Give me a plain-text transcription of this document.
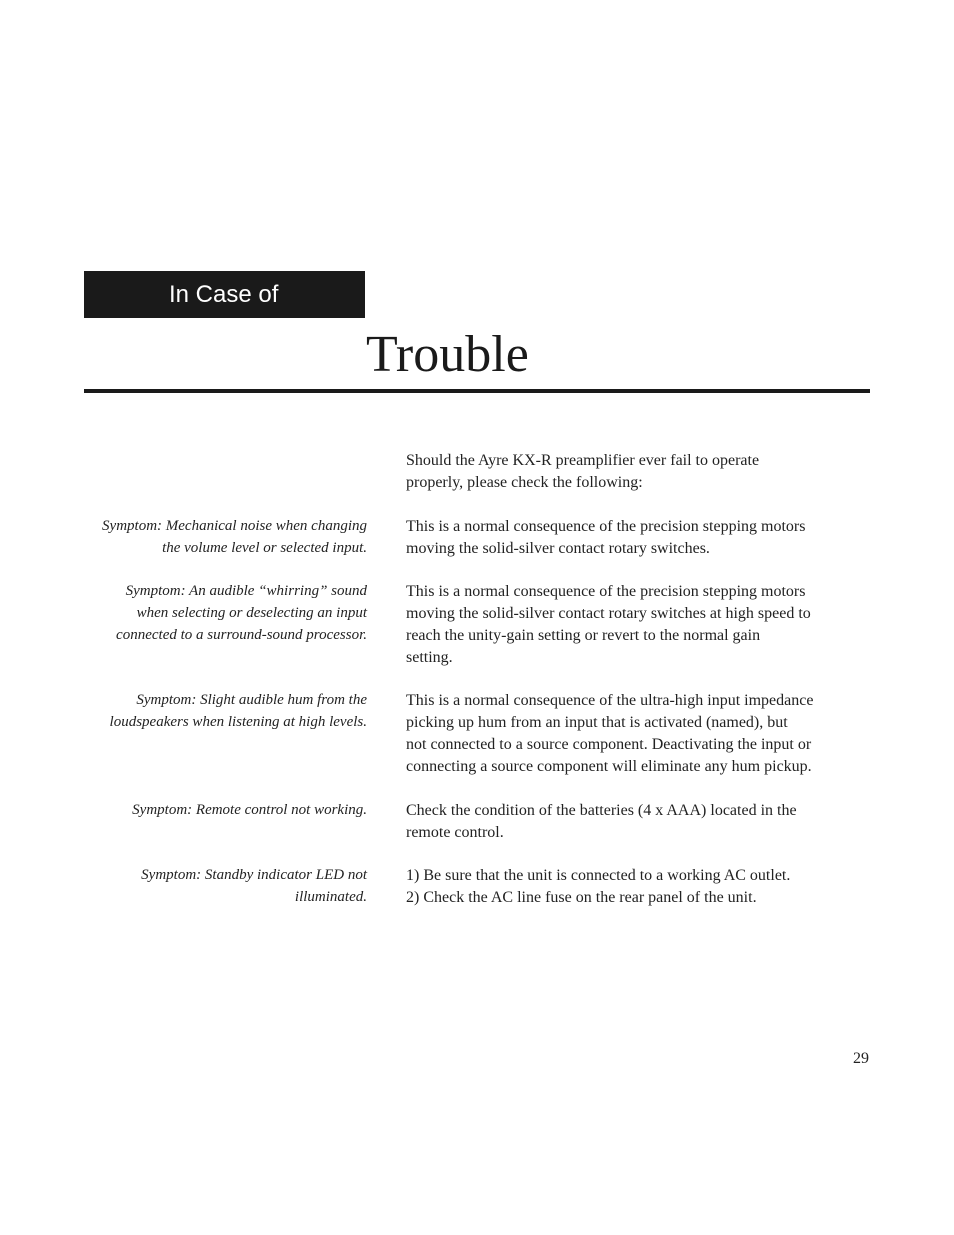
In Case of
Trouble
Should the Ayre KX-R preamplifier ever fail to operate
properly, please check the following:
Symptom: Mechanical noise when changing
the volume level or selected input.
This is a normal consequence of the precision stepping motors
moving the solid-silver contact rotary switches.
Symptom: An audible “whirring” sound
when selecting or deselecting an input
connected to a surround-sound processor.
This is a normal consequence of the precision stepping motors
moving the solid-silver contact rotary switches at high speed to
reach the unity-gain setting or revert to the normal gain
setting.
Symptom: Slight audible hum from the
loudspeakers when listening at high levels.
This is a normal consequence of the ultra-high input impedance
picking up hum from an input that is activated (named), but
not connected to a source component. Deactivating the input or
connecting a source component will eliminate any hum pickup.
Symptom: Remote control not working. Check the condition of the batteries (4 x AAA) located in the
remote control.
Symptom: Standby indicator LED not
illuminated.
1) Be sure that the unit is connected to a working AC outlet.
2) Check the AC line fuse on the rear panel of the unit.
29
